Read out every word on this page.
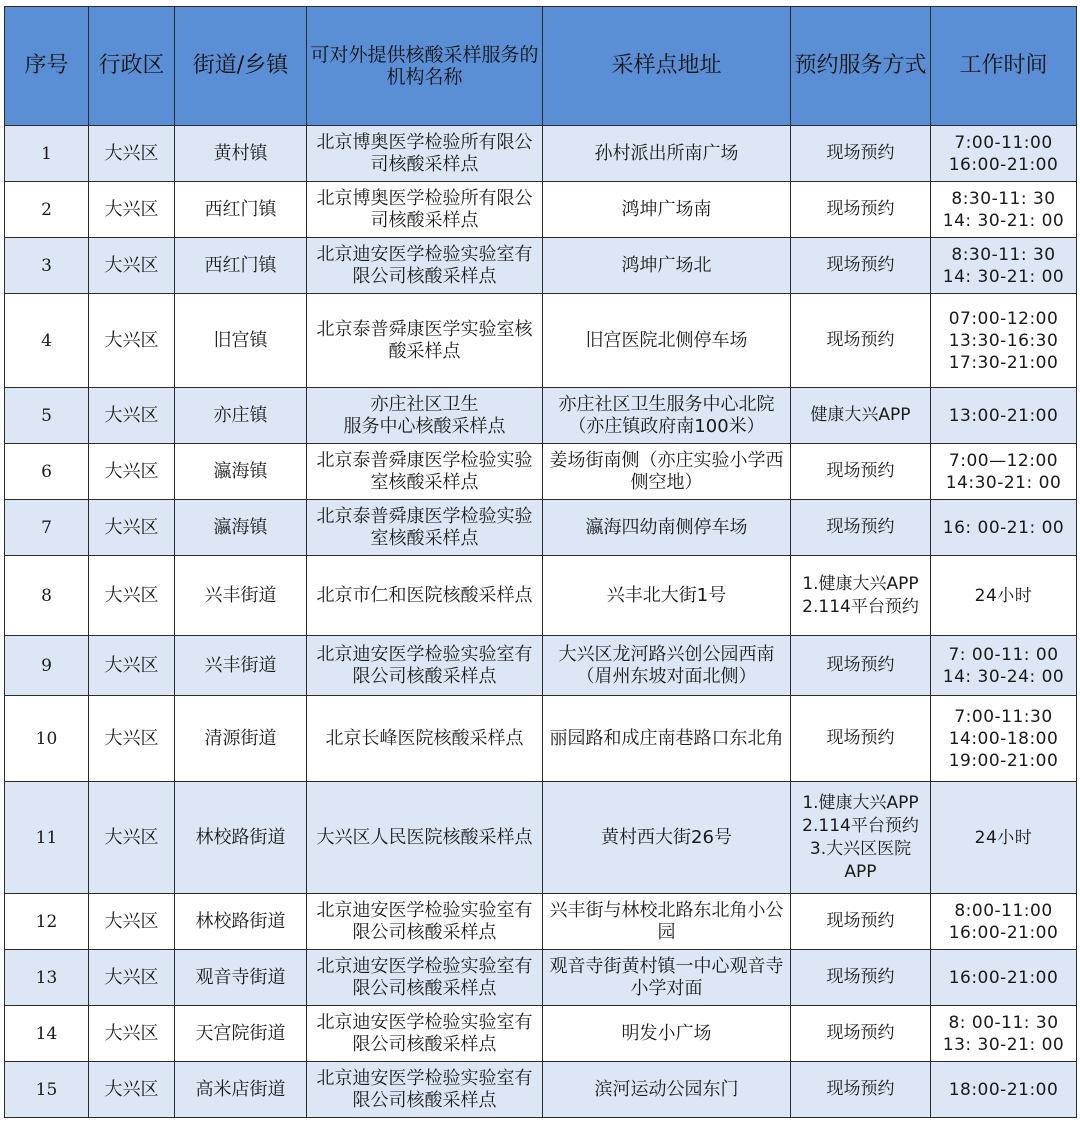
序号	行政区	街道/乡镇	可对外提供核酸采样服务的机构名称	采样点地址	预约服务方式	工作时间
1	大兴区	黄村镇	北京博奥医学检验所有限公司核酸采样点	孙村派出所南广场	现场预约	7:00-11:00
16:00-21:00
2	大兴区	西红门镇	北京博奥医学检验所有限公司核酸采样点	鸿坤广场南	现场预约	8:30-11: 30
14: 30-21: 00
3	大兴区	西红门镇	北京迪安医学检验实验室有限公司核酸采样点	鸿坤广场北	现场预约	8:30-11: 30
14: 30-21: 00
4	大兴区	旧宫镇	北京泰普舜康医学实验室核酸采样点	旧宫医院北侧停车场	现场预约	07:00-12:00
13:30-16:30
17:30-21:00
5	大兴区	亦庄镇	亦庄社区卫生
服务中心核酸采样点	亦庄社区卫生服务中心北院
（亦庄镇政府南100米）	健康大兴APP	13:00-21:00
6	大兴区	瀛海镇	北京泰普舜康医学检验实验室核酸采样点	姜场街南侧（亦庄实验小学西侧空地）	现场预约	7:00—12:00
14:30-21: 00
7	大兴区	瀛海镇	北京泰普舜康医学检验实验室核酸采样点	瀛海四幼南侧停车场	现场预约	16: 00-21: 00
8	大兴区	兴丰街道	北京市仁和医院核酸采样点	兴丰北大街1号	1.健康大兴APP
2.114平台预约	24小时
9	大兴区	兴丰街道	北京迪安医学检验实验室有限公司核酸采样点	大兴区龙河路兴创公园西南
（眉州东坡对面北侧）	现场预约	7: 00-11: 00
14: 30-24: 00
10	大兴区	清源街道	北京长峰医院核酸采样点	丽园路和成庄南巷路口东北角	现场预约	7:00-11:30
14:00-18:00
19:00-21:00
11	大兴区	林校路街道	大兴区人民医院核酸采样点	黄村西大街26号	1.健康大兴APP
2.114平台预约
3.大兴区医院
APP	24小时
12	大兴区	林校路街道	北京迪安医学检验实验室有限公司核酸采样点	兴丰街与林校北路东北角小公园	现场预约	8:00-11:00
16:00-21:00
13	大兴区	观音寺街道	北京迪安医学检验实验室有限公司核酸采样点	观音寺街黄村镇一中心观音寺小学对面	现场预约	16:00-21:00
14	大兴区	天宫院街道	北京迪安医学检验实验室有限公司核酸采样点	明发小广场	现场预约	8: 00-11: 30
13: 30-21: 00
15	大兴区	高米店街道	北京迪安医学检验实验室有限公司核酸采样点	滨河运动公园东门	现场预约	18:00-21:00
